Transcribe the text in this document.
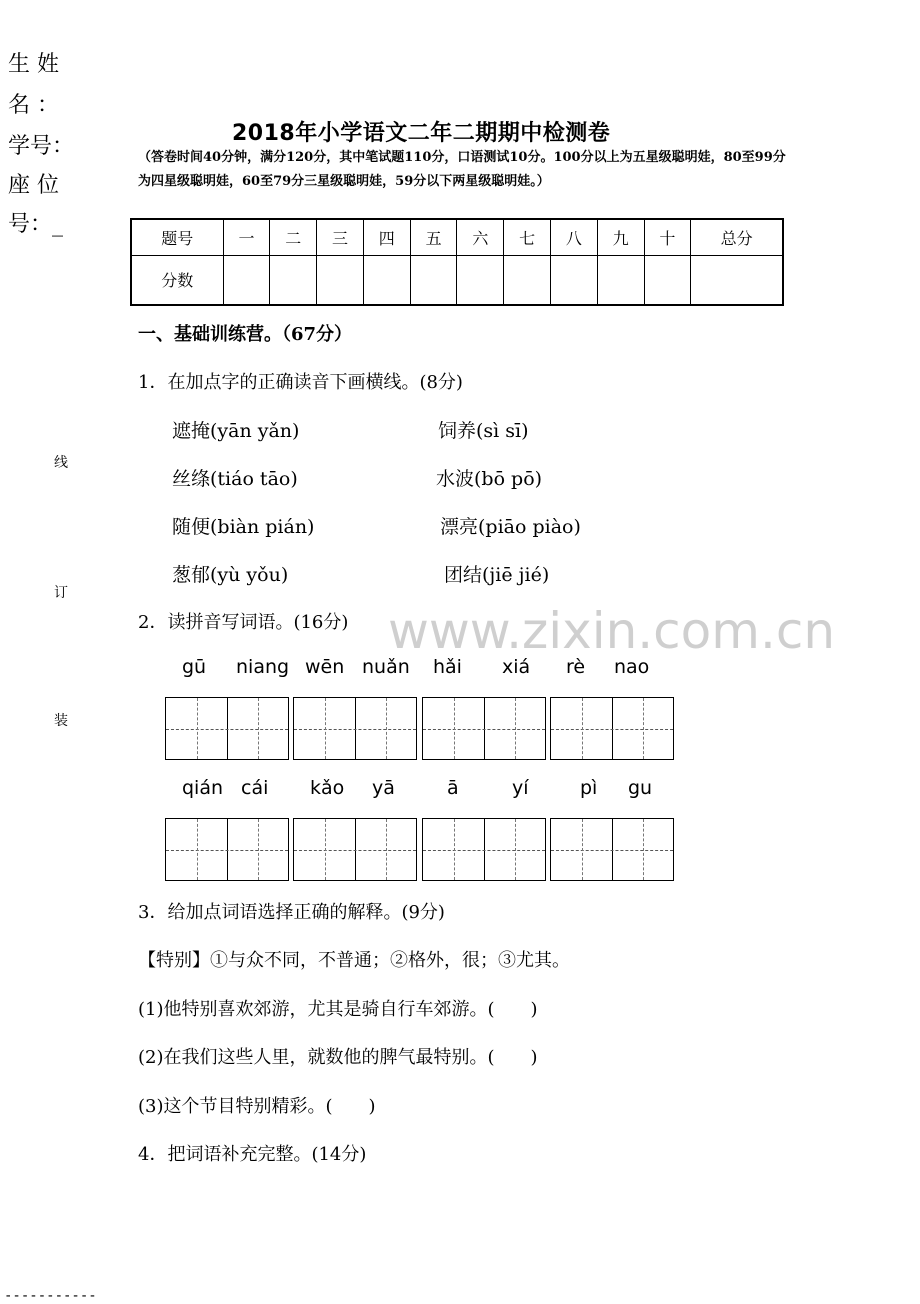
生 姓
名 ：
学号：
座 位
号：_
线
订
装
2018年小学语文二年二期期中检测卷
（答卷时间40分钟，满分120分，其中笔试题110分，口语测试10分。100分以上为五星级聪明娃，80至99分为四星级聪明娃，60至79分三星级聪明娃，59分以下两星级聪明娃。）
题号	一	二	三	四	五	六	七	八	九	十	总分
分数											
一、基础训练营。（67分）
1．在加点字的正确读音下画横线。(8分)
遮掩(yān yǎn)	饲养(sì sī)
丝绦(tiáo tāo)	水波(bō pō)
随便(biàn pián)	漂亮(piāo piào)
葱郁(yù yǒu)	团结(jiē jié)
www.zixin.com.cn
2．读拼音写词语。(16分)
gū niang wēn nuǎn hǎi xiá rè nao
qián cái kǎo yā	ā	yí	pì gu
3．给加点词语选择正确的解释。(9分)
【特别】①与众不同，不普通；②格外，很；③尤其。
(1)他特别喜欢郊游，尤其是骑自行车郊游。(　　)
(2)在我们这些人里，就数他的脾气最特别。(　　)
(3)这个节目特别精彩。(　　)
4．把词语补充完整。(14分)
-----------
